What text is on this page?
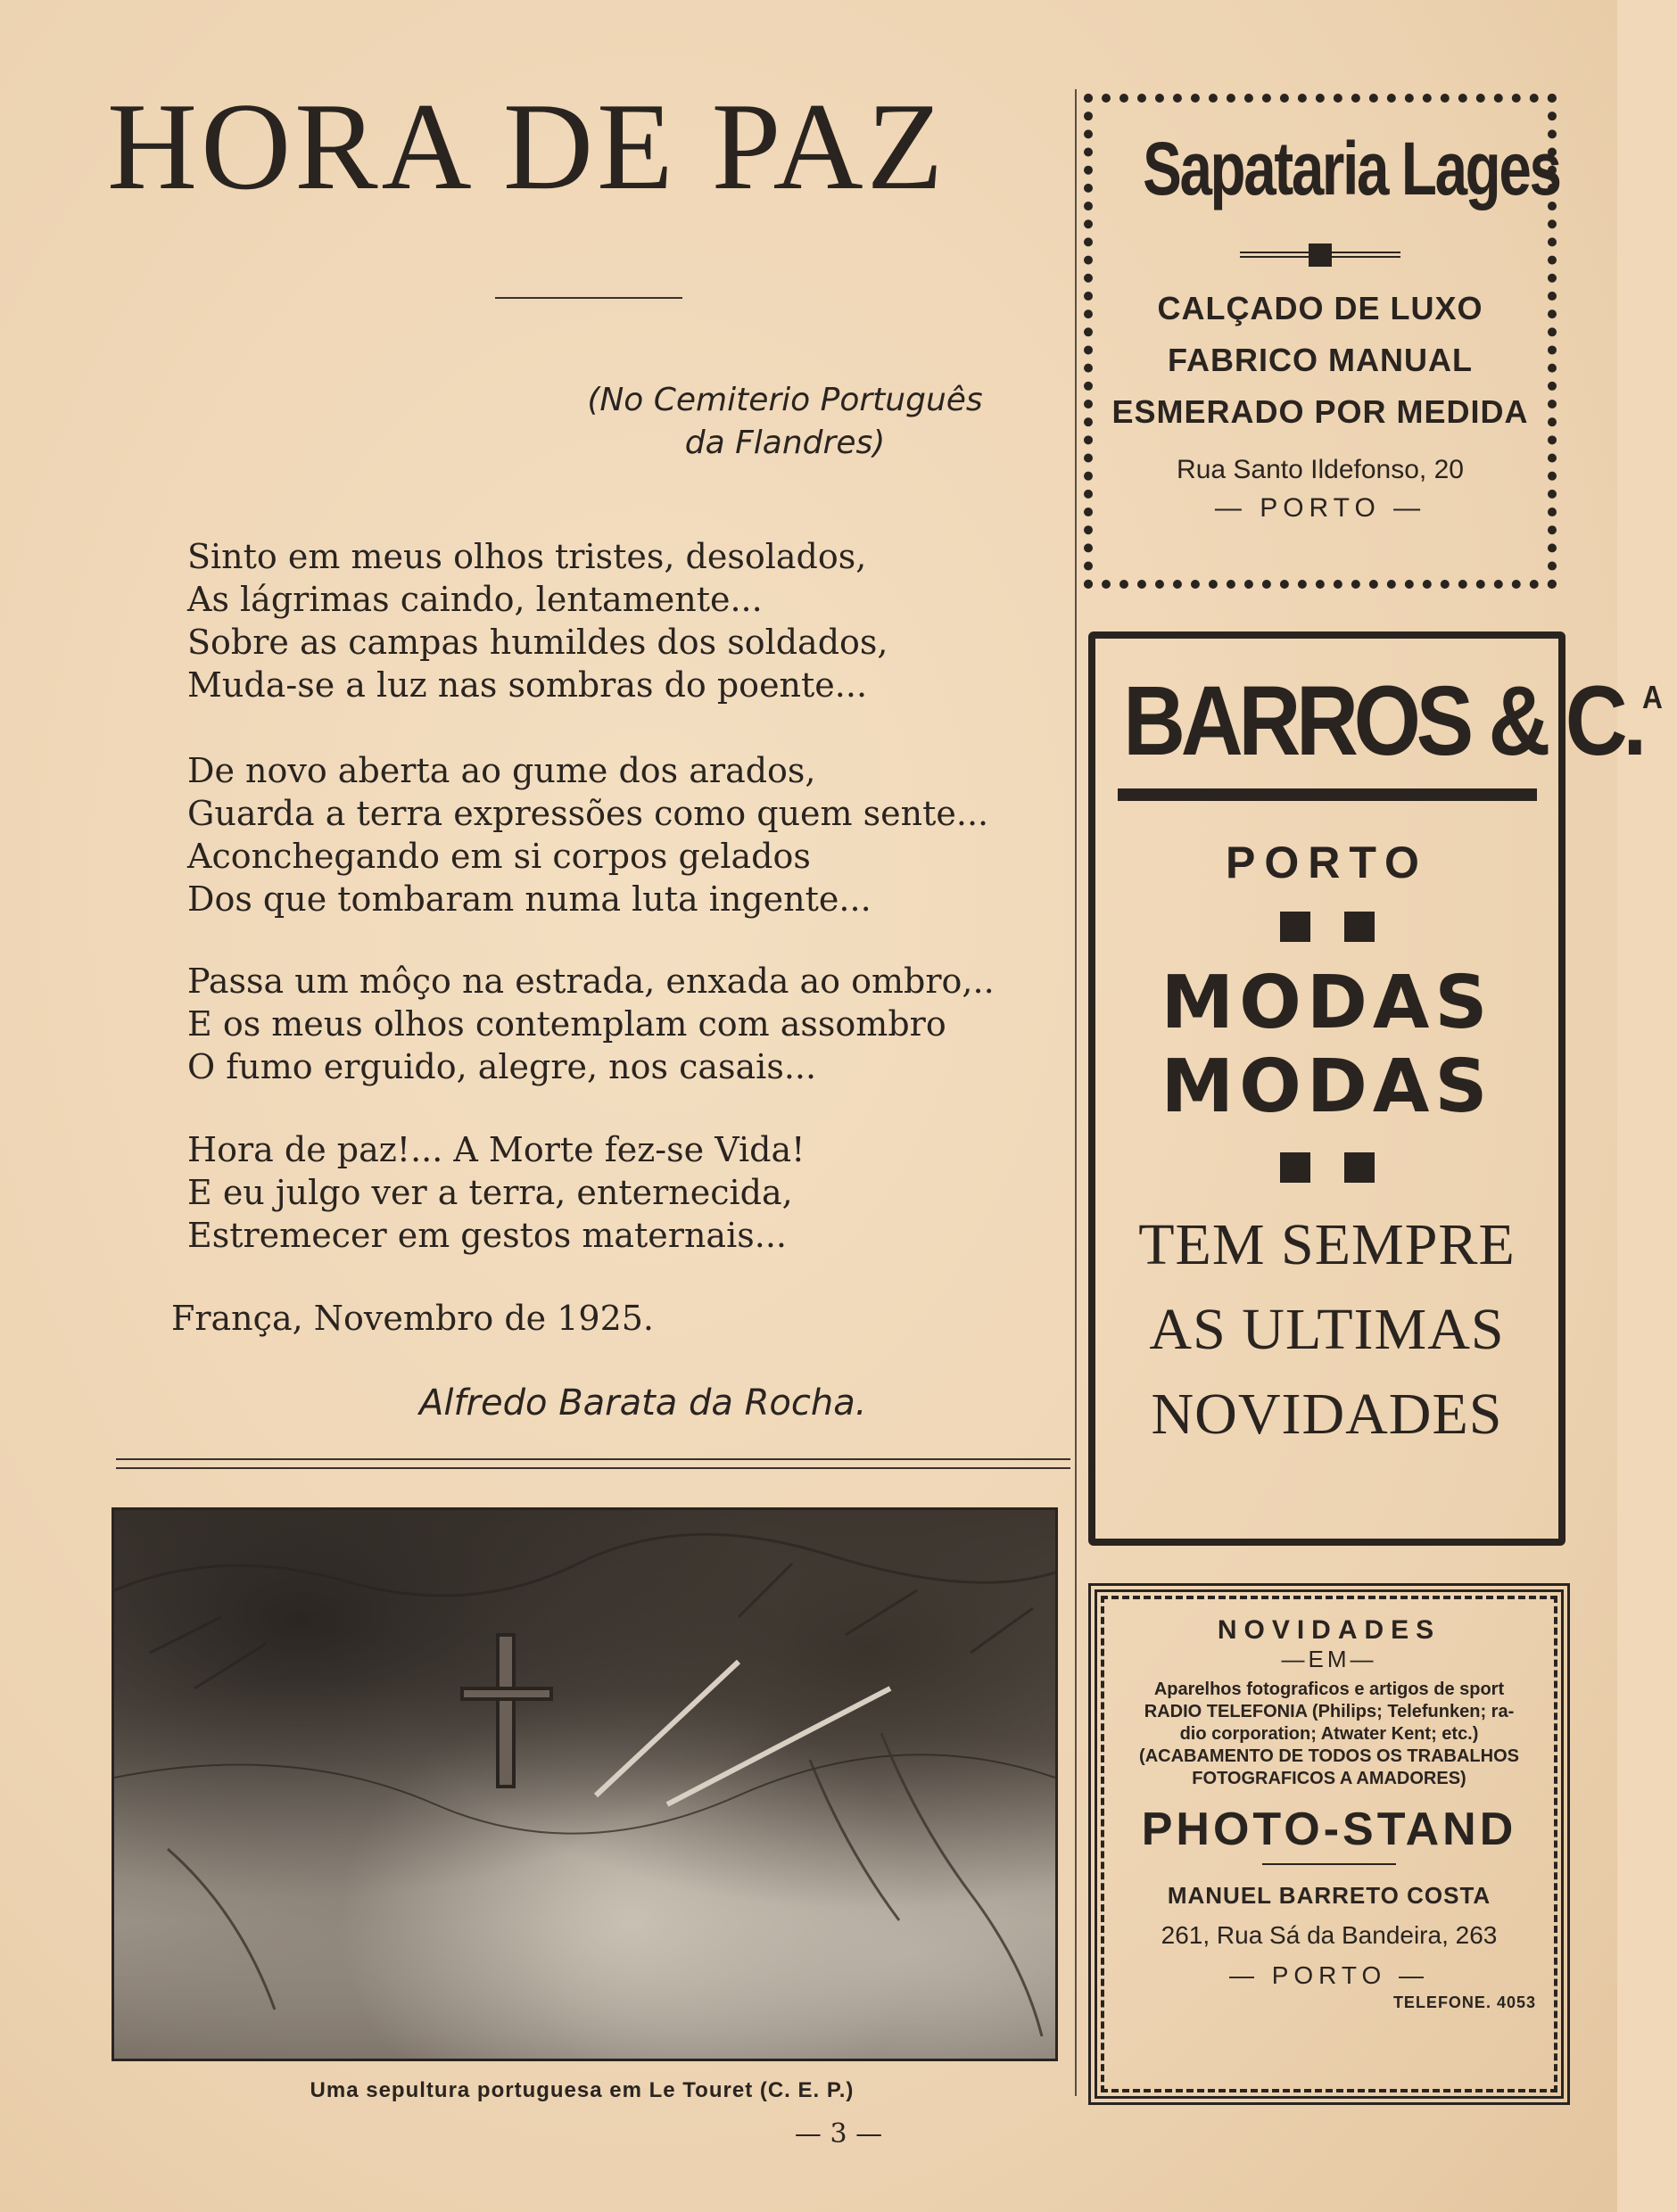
HORA DE PAZ
(No Cemiterio Português
da Flandres)
Sinto em meus olhos tristes, desolados,
As lágrimas caindo, lentamente...
Sobre as campas humildes dos soldados,
Muda-se a luz nas sombras do poente...
De novo aberta ao gume dos arados,
Guarda a terra expressões como quem sente...
Aconchegando em si corpos gelados
Dos que tombaram numa luta ingente...
Passa um môço na estrada, enxada ao ombro,..
E os meus olhos contemplam com assombro
O fumo erguido, alegre, nos casais...
Hora de paz!... A Morte fez-se Vida!
E eu julgo ver a terra, enternecida,
Estremecer em gestos maternais...
França, Novembro de 1925.
Alfredo Barata da Rocha.
Uma sepultura portuguesa em Le Touret (C. E. P.)
— 3 —
Sapataria Lages
CALÇADO DE LUXO
FABRICO MANUAL
ESMERADO POR MEDIDA
Rua Santo Ildefonso, 20
— PORTO —
BARROS & C.$^A$
PORTO
MODAS
MODAS
TEM SEMPRE
AS ULTIMAS
NOVIDADES
NOVIDADES
—EM—
Aparelhos fotograficos e artigos de sport
RADIO TELEFONIA (Philips; Telefunken; ra-
dio corporation; Atwater Kent; etc.)
(ACABAMENTO DE TODOS OS TRABALHOS
FOTOGRAFICOS A AMADORES)
PHOTO-STAND
MANUEL BARRETO COSTA
261, Rua Sá da Bandeira, 263
— PORTO —
TELEFONE. 4053
